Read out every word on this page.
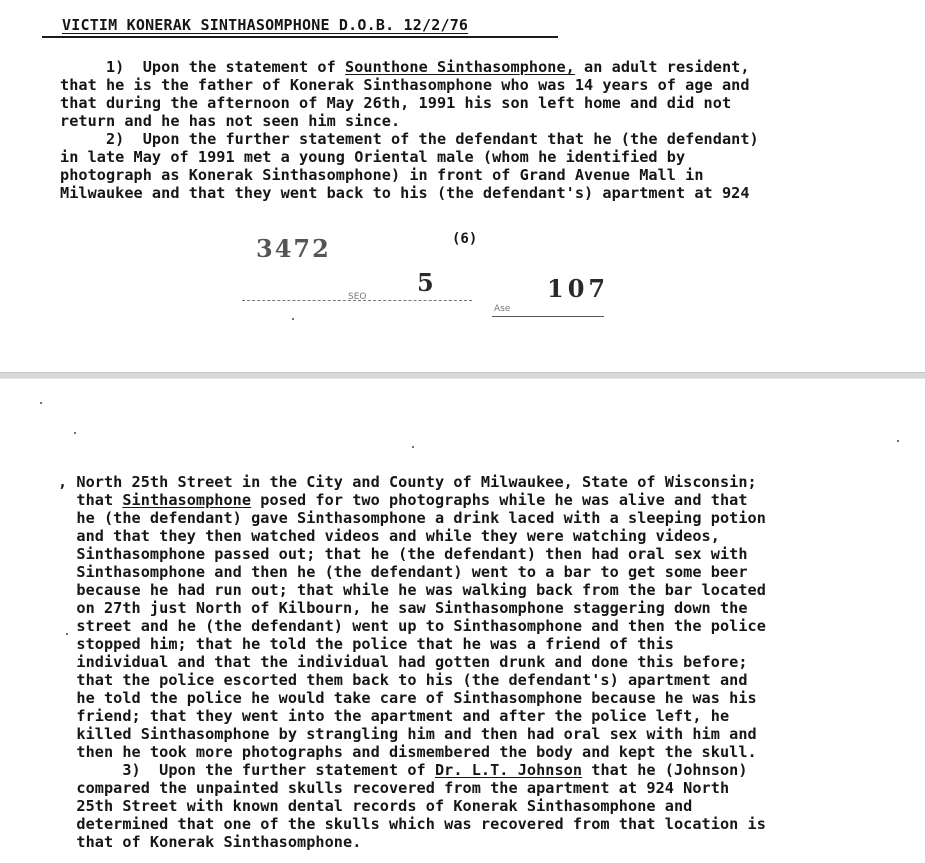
VICTIM KONERAK SINTHASOMPHONE D.O.B. 12/2/76
1)  Upon the statement of Sounthone Sinthasomphone, an adult resident,
that he is the father of Konerak Sinthasomphone who was 14 years of age and
that during the afternoon of May 26th, 1991 his son left home and did not
return and he has not seen him since.
2)  Upon the further statement of the defendant that he (the defendant)
in late May of 1991 met a young Oriental male (whom he identified by
photograph as Konerak Sinthasomphone) in front of Grand Avenue Mall in
Milwaukee and that they went back to his (the defendant's) apartment at 924
(6)
3472
5	107
SEO
Ase
, North 25th Street in the City and County of Milwaukee, State of Wisconsin;
that Sinthasomphone posed for two photographs while he was alive and that
he (the defendant) gave Sinthasomphone a drink laced with a sleeping potion
and that they then watched videos and while they were watching videos,
Sinthasomphone passed out; that he (the defendant) then had oral sex with
Sinthasomphone and then he (the defendant) went to a bar to get some beer
because he had run out; that while he was walking back from the bar located
on 27th just North of Kilbourn, he saw Sinthasomphone staggering down the
street and he (the defendant) went up to Sinthasomphone and then the police
stopped him; that he told the police that he was a friend of this
individual and that the individual had gotten drunk and done this before;
that the police escorted them back to his (the defendant's) apartment and
he told the police he would take care of Sinthasomphone because he was his
friend; that they went into the apartment and after the police left, he
killed Sinthasomphone by strangling him and then had oral sex with him and
then he took more photographs and dismembered the body and kept the skull.
3)  Upon the further statement of Dr. L.T. Johnson that he (Johnson)
compared the unpainted skulls recovered from the apartment at 924 North
25th Street with known dental records of Konerak Sinthasomphone and
determined that one of the skulls which was recovered from that location is
that of Konerak Sinthasomphone.
